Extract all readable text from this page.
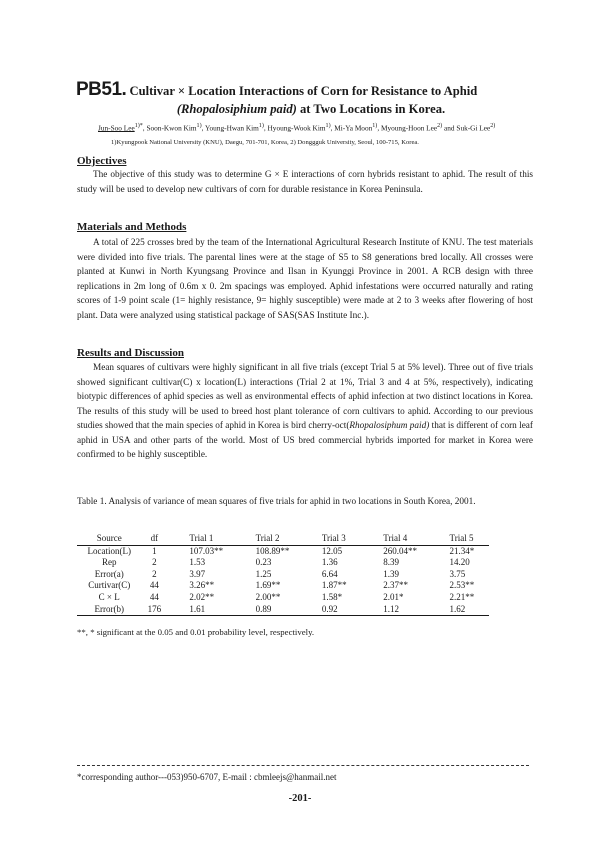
PB51. Cultivar × Location Interactions of Corn for Resistance to Aphid
(Rhopalosiphium paid) at Two Locations in Korea.
Jun-Soo Lee$^{1)*}$, Soon-Kwon Kim$^{1)}$, Young-Hwan Kim$^{1)}$, Hyoung-Wook Kim$^{1)}$, Mi-Ya Moon$^{1)}$, Myoung-Hoon Lee$^{2)}$ and Suk-Gi Lee$^{2)}$
1)Kyungpook National University (KNU), Daegu, 701-701, Korea, 2) Donggguk University, Seoul, 100-715, Korea.
Objectives

The objective of this study was to determine G × E interactions of corn hybrids resistant to aphid. The result of this study will be used to develop new cultivars of corn for durable resistance in Korea Peninsula.

Materials and Methods

A total of 225 crosses bred by the team of the International Agricultural Research Institute of KNU. The test materials were divided into five trials. The parental lines were at the stage of S5 to S8 generations bred locally. All crosses were planted at Kunwi in North Kyungsang Province and Ilsan in Kyunggi Province in 2001. A RCB design with three replications in 2m long of 0.6m x 0. 2m spacings was employed. Aphid infestations were occurred naturally and rating scores of 1-9 point scale (1= highly resistance, 9= highly susceptible) were made at 2 to 3 weeks after flowering of host plant. Data were analyzed using statistical package of SAS(SAS Institute Inc.).

Results and Discussion

Mean squares of cultivars were highly significant in all five trials (except Trial 5 at 5% level). Three out of five trials showed significant cultivar(C) x location(L) interactions (Trial 2 at 1%, Trial 3 and 4 at 5%, respectively), indicating biotypic differences of aphid species as well as environmental effects of aphid infection at two distinct locations in Korea. The results of this study will be used to breed host plant tolerance of corn cultivars to aphid. According to our previous studies showed that the main species of aphid in Korea is bird cherry-oct(Rhopalosiphum paid) that is different of corn leaf aphid in USA and other parts of the world. Most of US bred commercial hybrids imported for market in Korea were confirmed to be highly susceptible.

Table 1. Analysis of variance of mean squares of five trials for aphid in two locations in South Korea, 2001.
Source	df	Trial 1	Trial 2	Trial 3	Trial 4	Trial 5
Location(L)	1	107.03**	108.89**	12.05	260.04**	21.34*
Rep	2	1.53	0.23	1.36	8.39	14.20
Error(a)	2	3.97	1.25	6.64	1.39	3.75
Curtivar(C)	44	3.26**	1.69**	1.87**	2.37**	2.53**
C × L	44	2.02**	2.00**	1.58*	2.01*	2.21**
Error(b)	176	1.61	0.89	0.92	1.12	1.62
**, * significant at the 0.05 and 0.01 probability level, respectively.
*corresponding author---053)950-6707, E-mail : cbmleejs@hanmail.net
-201-
